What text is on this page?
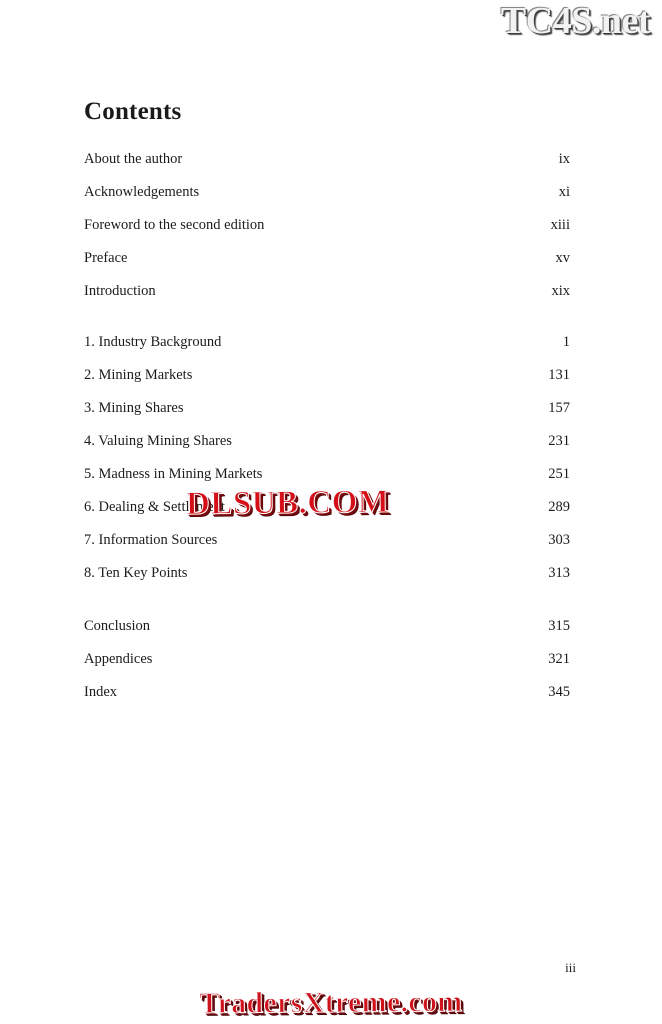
TC4S.net
Contents
About the author	ix
Acknowledgements	xi
Foreword to the second edition	xiii
Preface	xv
Introduction	xix
1. Industry Background	1
2. Mining Markets	131
3. Mining Shares	157
4. Valuing Mining Shares	231
5. Madness in Mining Markets	251
6. Dealing & Settlement	289
7. Information Sources	303
8. Ten Key Points	313
Conclusion	315
Appendices	321
Index	345
DLSUB.COM
iii
TradersXtreme.com
